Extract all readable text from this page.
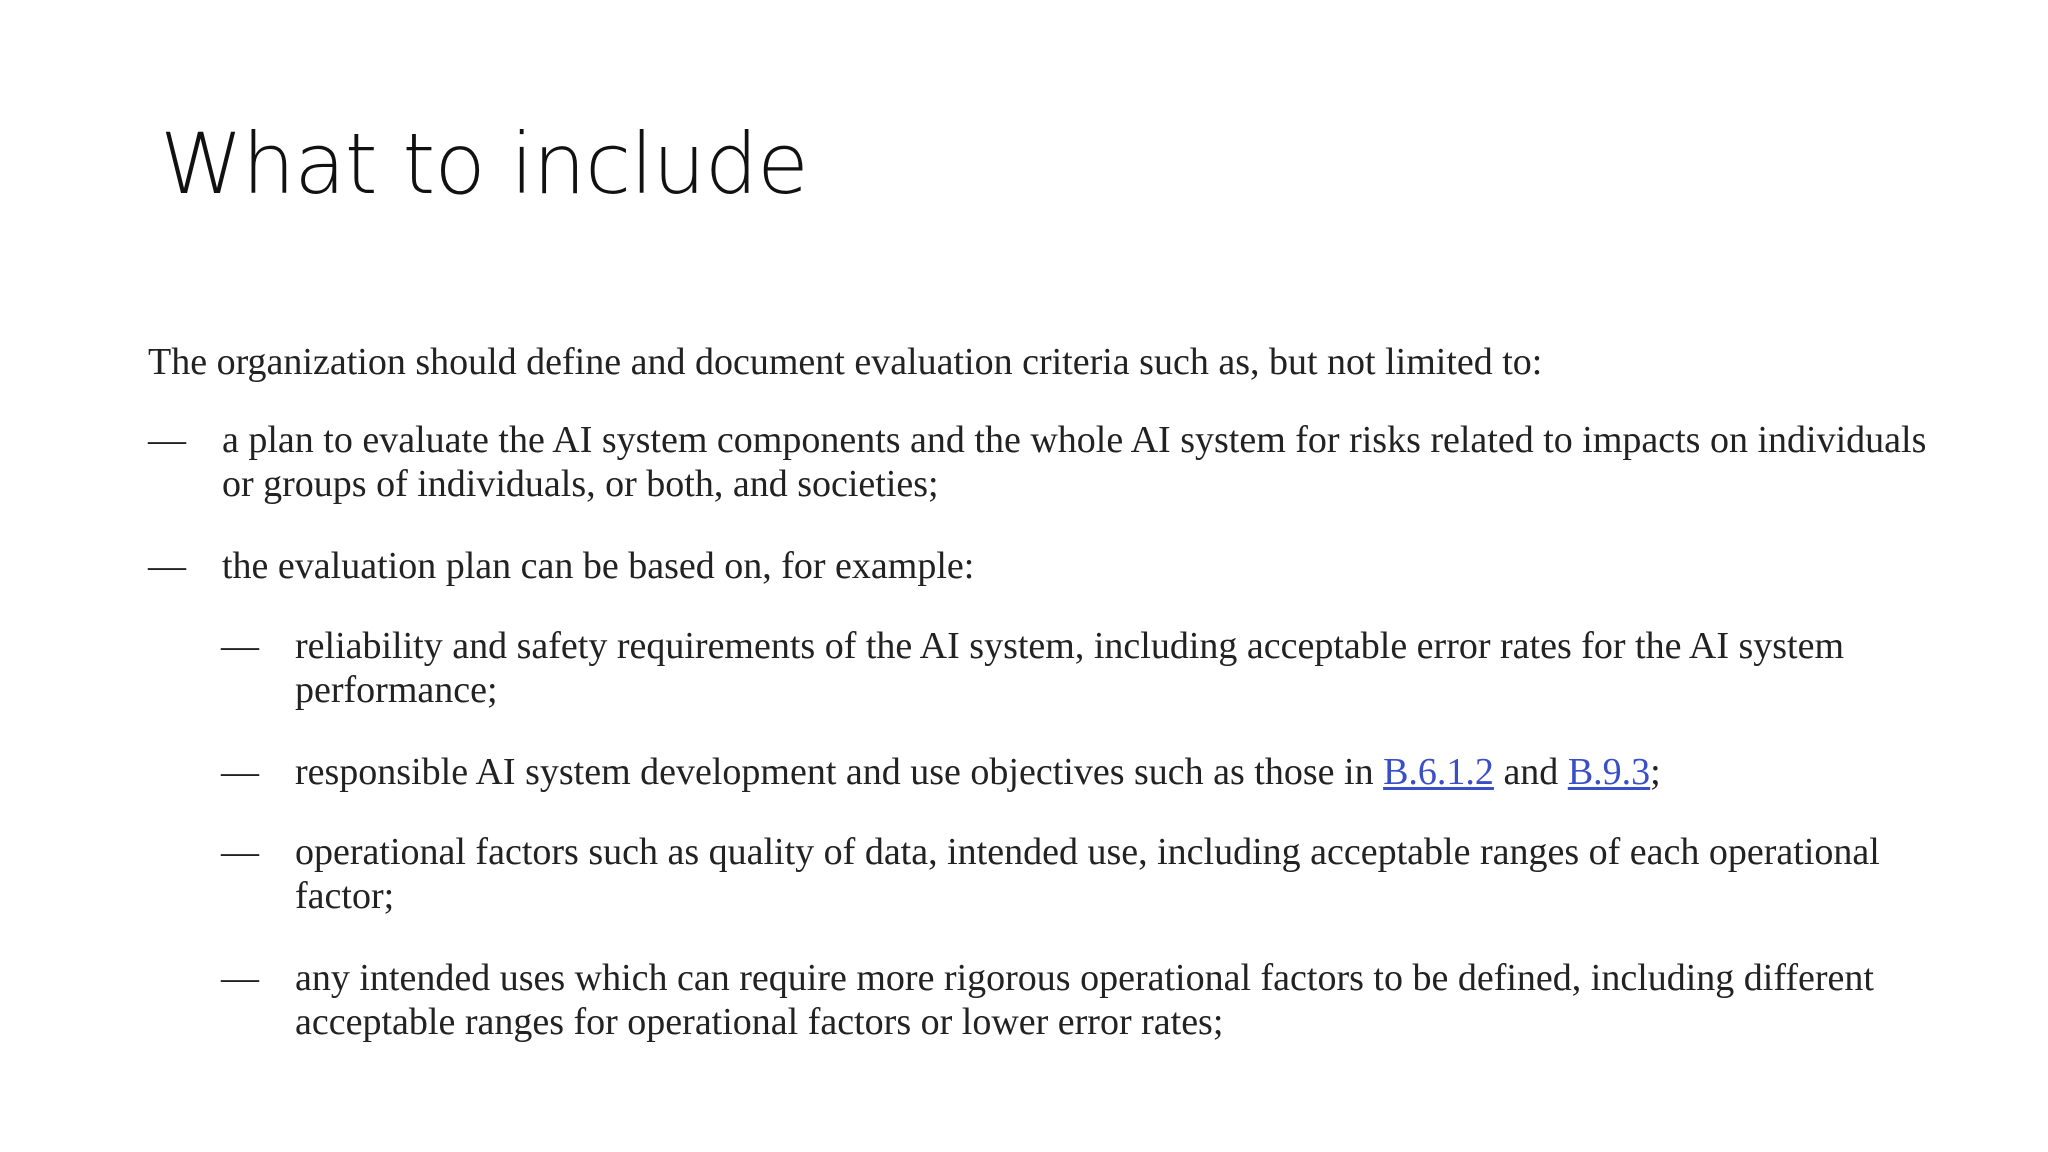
What to include

The organization should define and document evaluation criteria such as, but not limited to:

— a plan to evaluate the AI system components and the whole AI system for risks related to impacts on individuals or groups of individuals, or both, and societies;
— the evaluation plan can be based on, for example:
— reliability and safety requirements of the AI system, including acceptable error rates for the AI system performance;
— responsible AI system development and use objectives such as those in B.6.1.2 and B.9.3;
— operational factors such as quality of data, intended use, including acceptable ranges of each operational factor;
— any intended uses which can require more rigorous operational factors to be defined, including different acceptable ranges for operational factors or lower error rates;
